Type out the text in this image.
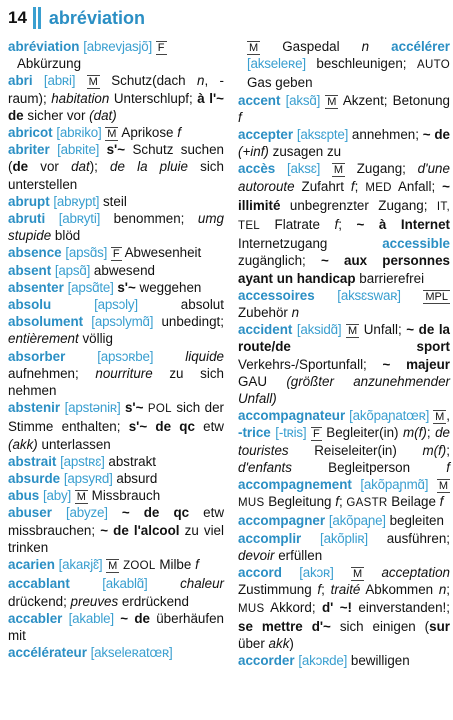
14 abréviation
abréviation [abʀevjasjõ] F
Abkürzung
abri [abʀi] M Schutz(dach n, -raum); habitation Unterschlupf; à l'~ de sicher vor (dat)
abricot [abʀiko] M Aprikose f
abriter [abʀite] s'~ Schutz suchen (de vor dat); de la pluie sich unterstellen
abrupt [abʀypt] steil
abruti [abʀyti] benommen; umg stupide blöd
absence [apsɑ̃s] F Abwesenheit
absent [apsɑ̃] abwesend
absenter [apsɑ̃te] s'~ weggehen
absolu	[apsɔly]	absolut absolument [apsɔlymɑ̃] unbedingt; entièrement völlig
absorber [apsɔʀbe] liquide aufnehmen; nourriture zu sich nehmen
abstenir [apstəniʀ] s'~ POL sich der Stimme enthalten; s'~ de qc etw (akk) unterlassen
abstrait [apstʀɛ] abstrakt
absurde [apsyʀd] absurd
abus [aby] M Missbrauch
abuser [abyze] ~ de qc etw missbrauchen; ~ de l'alcool zu viel trinken
acarien [akaʀjɛ̃] M ZOOL Milbe f
accablant [akablɑ̃] chaleur drückend; preuves erdrückend
accabler [akable] ~ de überhäufen mit
accélérateur [akseleʀatœʀ]
M Gaspedal n accélérer [akseleʀe] beschleunigen; AUTO Gas geben
accent [aksɑ̃] M Akzent; Betonung f
accepter [aksɛpte] annehmen; ~ de (+inf) zusagen zu
accès [aksɛ] M Zugang; d'une autoroute Zufahrt f; MED Anfall; ~ illimité unbegrenzter Zugang; IT, TEL Flatrate f; ~ à Internet Internetzugang	accessible zugänglich; ~ aux personnes ayant un handicap barrierefrei
accessoires [aksɛswaʀ] MPL Zubehör n
accident [aksidɑ̃] M Unfall; ~ de la route/de sport Verkehrs-/Sportunfall; ~ majeur GAU (größter anzunehmender Unfall)
accompagnateur [akõpaɲatœʀ] M , -trice [-tʀis] F Begleiter(in) m(f); de touristes Reiseleiter(in) m(f); d'enfants	Begleitperson f accompagnement [akõpaɲmɑ̃] M MUS Begleitung f; GASTR Beilage f
accompagner [akõpaɲe] begleiten
accomplir [akõpliʀ] ausführen; devoir erfüllen
accord [akɔʀ] M acceptation Zustimmung f; traité Abkommen n; MUS Akkord; d' ~! einverstanden!; se mettre d'~ sich einigen (sur über akk)
accorder [akɔʀde] bewilligen
